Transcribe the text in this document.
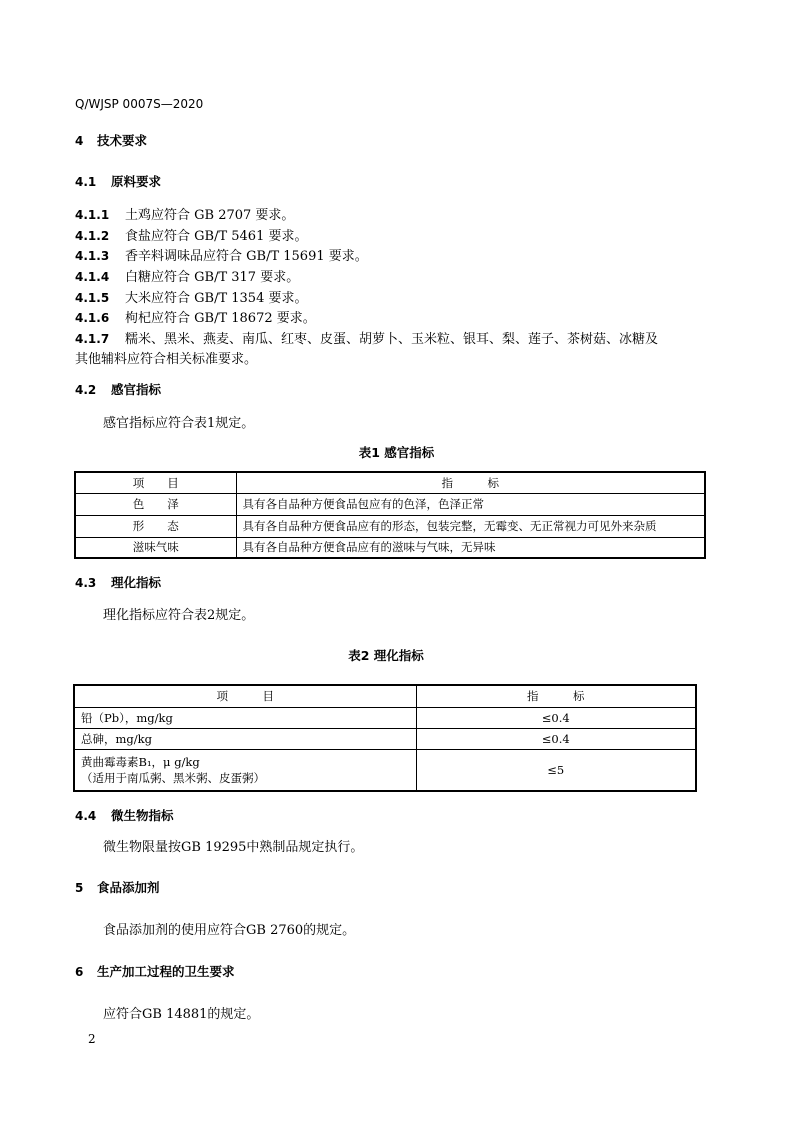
Q/WJSP 0007S—2020
4 技术要求
4.1 原料要求
4.1.1 土鸡应符合 GB 2707 要求。
4.1.2 食盐应符合 GB/T 5461 要求。
4.1.3 香辛料调味品应符合 GB/T 15691 要求。
4.1.4 白糖应符合 GB/T 317 要求。
4.1.5 大米应符合 GB/T 1354 要求。
4.1.6 枸杞应符合 GB/T 18672 要求。
4.1.7 糯米、黑米、燕麦、南瓜、红枣、皮蛋、胡萝卜、玉米粒、银耳、梨、莲子、茶树菇、冰糖及
其他辅料应符合相关标准要求。
4.2 感官指标
感官指标应符合表1规定。
表1 感官指标
项　　目	指　　　标
色　　泽	具有各自品种方便食品包应有的色泽，色泽正常
形　　态	具有各自品种方便食品应有的形态，包装完整，无霉变、无正常视力可见外来杂质
滋味气味	具有各自品种方便食品应有的滋味与气味，无异味
4.3 理化指标
理化指标应符合表2规定。
表2 理化指标
项　　　目	指　　　标
铅（Pb），mg/kg	≤0.4
总砷，mg/kg	≤0.4

黄曲霉毒素B₁，μ g/kg
（适用于南瓜粥、黑米粥、皮蛋粥）	≤5
4.4 微生物指标
微生物限量按GB 19295中熟制品规定执行。
5 食品添加剂
食品添加剂的使用应符合GB 2760的规定。
6 生产加工过程的卫生要求
应符合GB 14881的规定。
2
